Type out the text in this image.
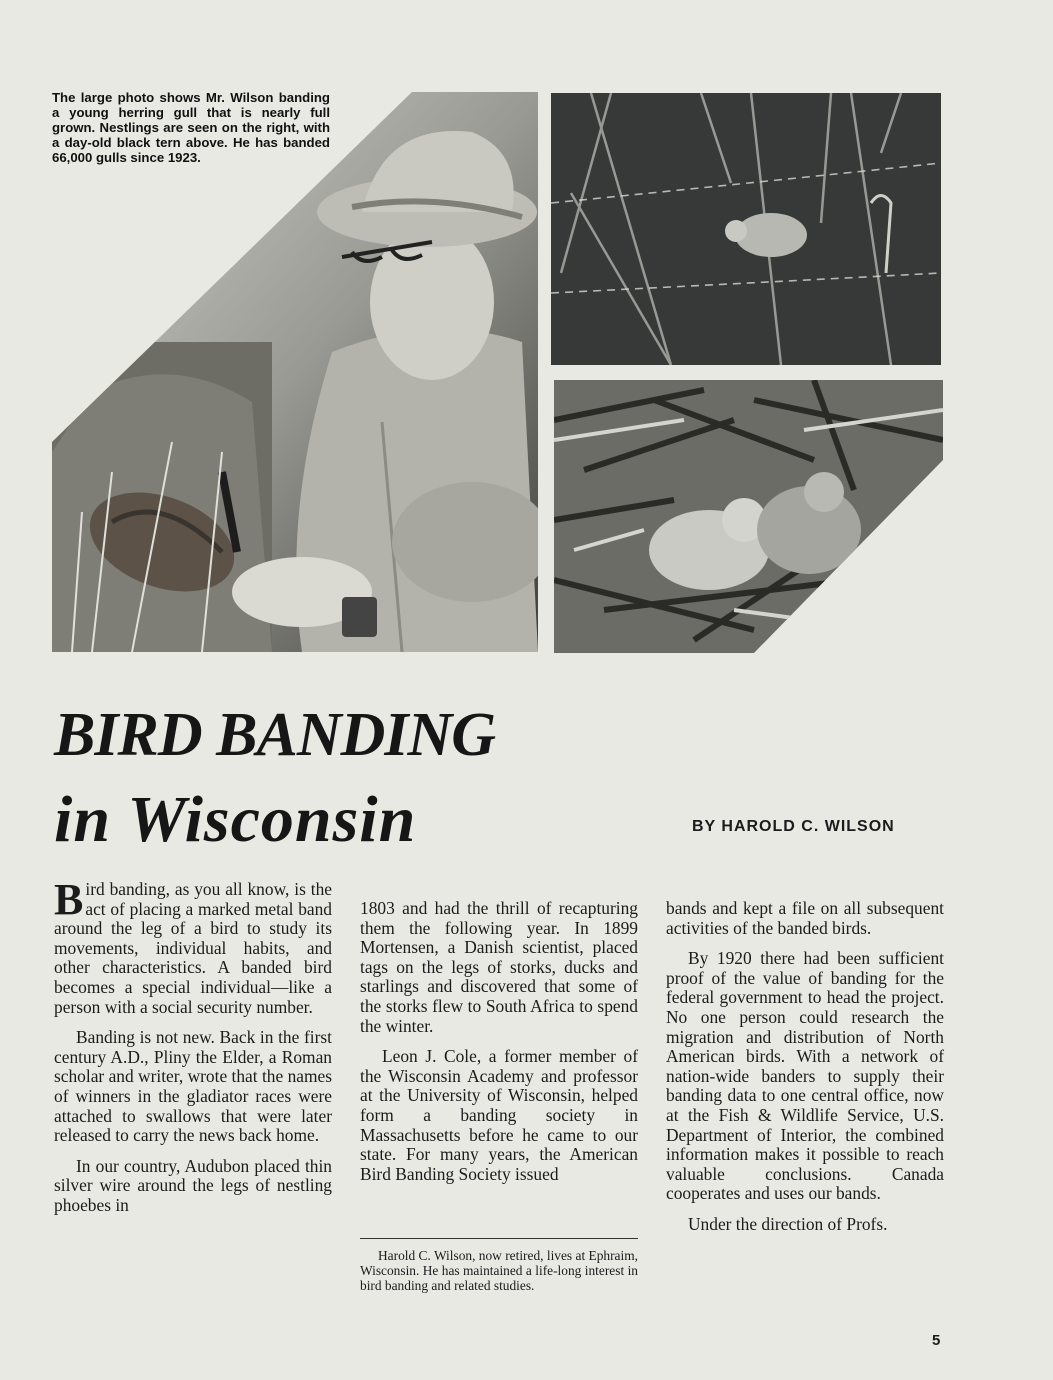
The large photo shows Mr. Wilson banding a young herring gull that is nearly full grown. Nestlings are seen on the right, with a day-old black tern above. He has banded 66,000 gulls since 1923.
BIRD BANDING
in Wisconsin	BY HAROLD C. WILSON

Bird banding, as you all know, is the act of placing a marked metal band around the leg of a bird to study its movements, individual habits, and other characteristics. A banded bird becomes a special individual—like a person with a social security number.

Banding is not new. Back in the first century A.D., Pliny the Elder, a Roman scholar and writer, wrote that the names of winners in the gladiator races were attached to swallows that were later released to carry the news back home.

In our country, Audubon placed thin silver wire around the legs of nestling phoebes in

1803 and had the thrill of recapturing them the following year. In 1899 Mortensen, a Danish scientist, placed tags on the legs of storks, ducks and starlings and discovered that some of the storks flew to South Africa to spend the winter.

Leon J. Cole, a former member of the Wisconsin Academy and professor at the University of Wisconsin, helped form a banding society in Massachusetts before he came to our state. For many years, the American Bird Banding Society issued

Harold C. Wilson, now retired, lives at Ephraim, Wisconsin. He has maintained a life-long interest in bird banding and related studies.

bands and kept a file on all subsequent activities of the banded birds.

By 1920 there had been sufficient proof of the value of banding for the federal government to head the project. No one person could research the migration and distribution of North American birds. With a network of nation-wide banders to supply their banding data to one central office, now at the Fish & Wildlife Service, U.S. Department of Interior, the combined information makes it possible to reach valuable conclusions. Canada cooperates and uses our bands.

Under the direction of Profs.

5
